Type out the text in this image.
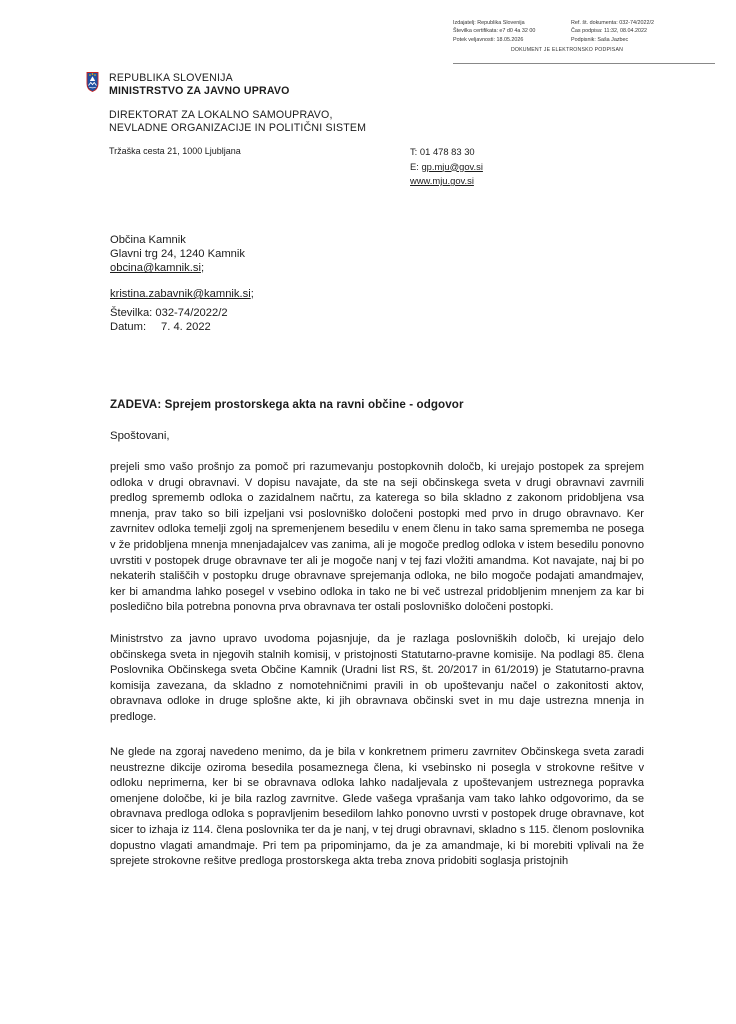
Izdajatelj: Republika Slovenija	Ref. št. dokumenta: 032-74/2022/2
Številka certifikata: e7 d0 4a 32 00	Čas podpisa: 11:32, 08.04.2022
Potek veljavnosti: 18.05.2026	Podpisnik: Saša Jazbec
DOKUMENT JE ELEKTRONSKO PODPISAN
REPUBLIKA SLOVENIJA
MINISTRSTVO ZA JAVNO UPRAVO
DIREKTORAT ZA LOKALNO SAMOUPRAVO,
NEVLADNE ORGANIZACIJE IN POLITIČNI SISTEM
Tržaška cesta 21, 1000 Ljubljana	T: 01 478 83 30
E: gp.mju@gov.si
www.mju.gov.si
Občina Kamnik
Glavni trg 24, 1240 Kamnik
obcina@kamnik.si;
kristina.zabavnik@kamnik.si;
Številka: 032-74/2022/2
Datum: 7. 4. 2022
ZADEVA: Sprejem prostorskega akta na ravni občine - odgovor
Spoštovani,
prejeli smo vašo prošnjo za pomoč pri razumevanju postopkovnih določb, ki urejajo postopek za sprejem odloka v drugi obravnavi. V dopisu navajate, da ste na seji občinskega sveta v drugi obravnavi zavrnili predlog sprememb odloka o zazidalnem načrtu, za katerega so bila skladno z zakonom pridobljena vsa mnenja, prav tako so bili izpeljani vsi poslovniško določeni postopki med prvo in drugo obravnavo. Ker zavrnitev odloka temelji zgolj na spremenjenem besedilu v enem členu in tako sama sprememba ne posega v že pridobljena mnenja mnenjadajalcev vas zanima, ali je mogoče predlog odloka v istem besedilu ponovno uvrstiti v postopek druge obravnave ter ali je mogoče nanj v tej fazi vložiti amandma. Kot navajate, naj bi po nekaterih stališčih v postopku druge obravnave sprejemanja odloka, ne bilo mogoče podajati amandmajev, ker bi amandma lahko posegel v vsebino odloka in tako ne bi več ustrezal pridobljenim mnenjem za kar bi posledično bila potrebna ponovna prva obravnava ter ostali poslovniško določeni postopki.
Ministrstvo za javno upravo uvodoma pojasnjuje, da je razlaga poslovniških določb, ki urejajo delo občinskega sveta in njegovih stalnih komisij, v pristojnosti Statutarno-pravne komisije. Na podlagi 85. člena Poslovnika Občinskega sveta Občine Kamnik (Uradni list RS, št. 20/2017 in 61/2019) je Statutarno-pravna komisija zavezana, da skladno z nomotehničnimi pravili in ob upoštevanju načel o zakonitosti aktov, obravnava odloke in druge splošne akte, ki jih obravnava občinski svet in mu daje ustrezna mnenja in predloge.
Ne glede na zgoraj navedeno menimo, da je bila v konkretnem primeru zavrnitev Občinskega sveta zaradi neustrezne dikcije oziroma besedila posameznega člena, ki vsebinsko ni posegla v strokovne rešitve v odloku neprimerna, ker bi se obravnava odloka lahko nadaljevala z upoštevanjem ustreznega popravka omenjene določbe, ki je bila razlog zavrnitve. Glede vašega vprašanja vam tako lahko odgovorimo, da se obravnava predloga odloka s popravljenim besedilom lahko ponovno uvrsti v postopek druge obravnave, kot sicer to izhaja iz 114. člena poslovnika ter da je nanj, v tej drugi obravnavi, skladno s 115. členom poslovnika dopustno vlagati amandmaje. Pri tem pa pripominjamo, da je za amandmaje, ki bi morebiti vplivali na že sprejete strokovne rešitve predloga prostorskega akta treba znova pridobiti soglasja pristojnih
